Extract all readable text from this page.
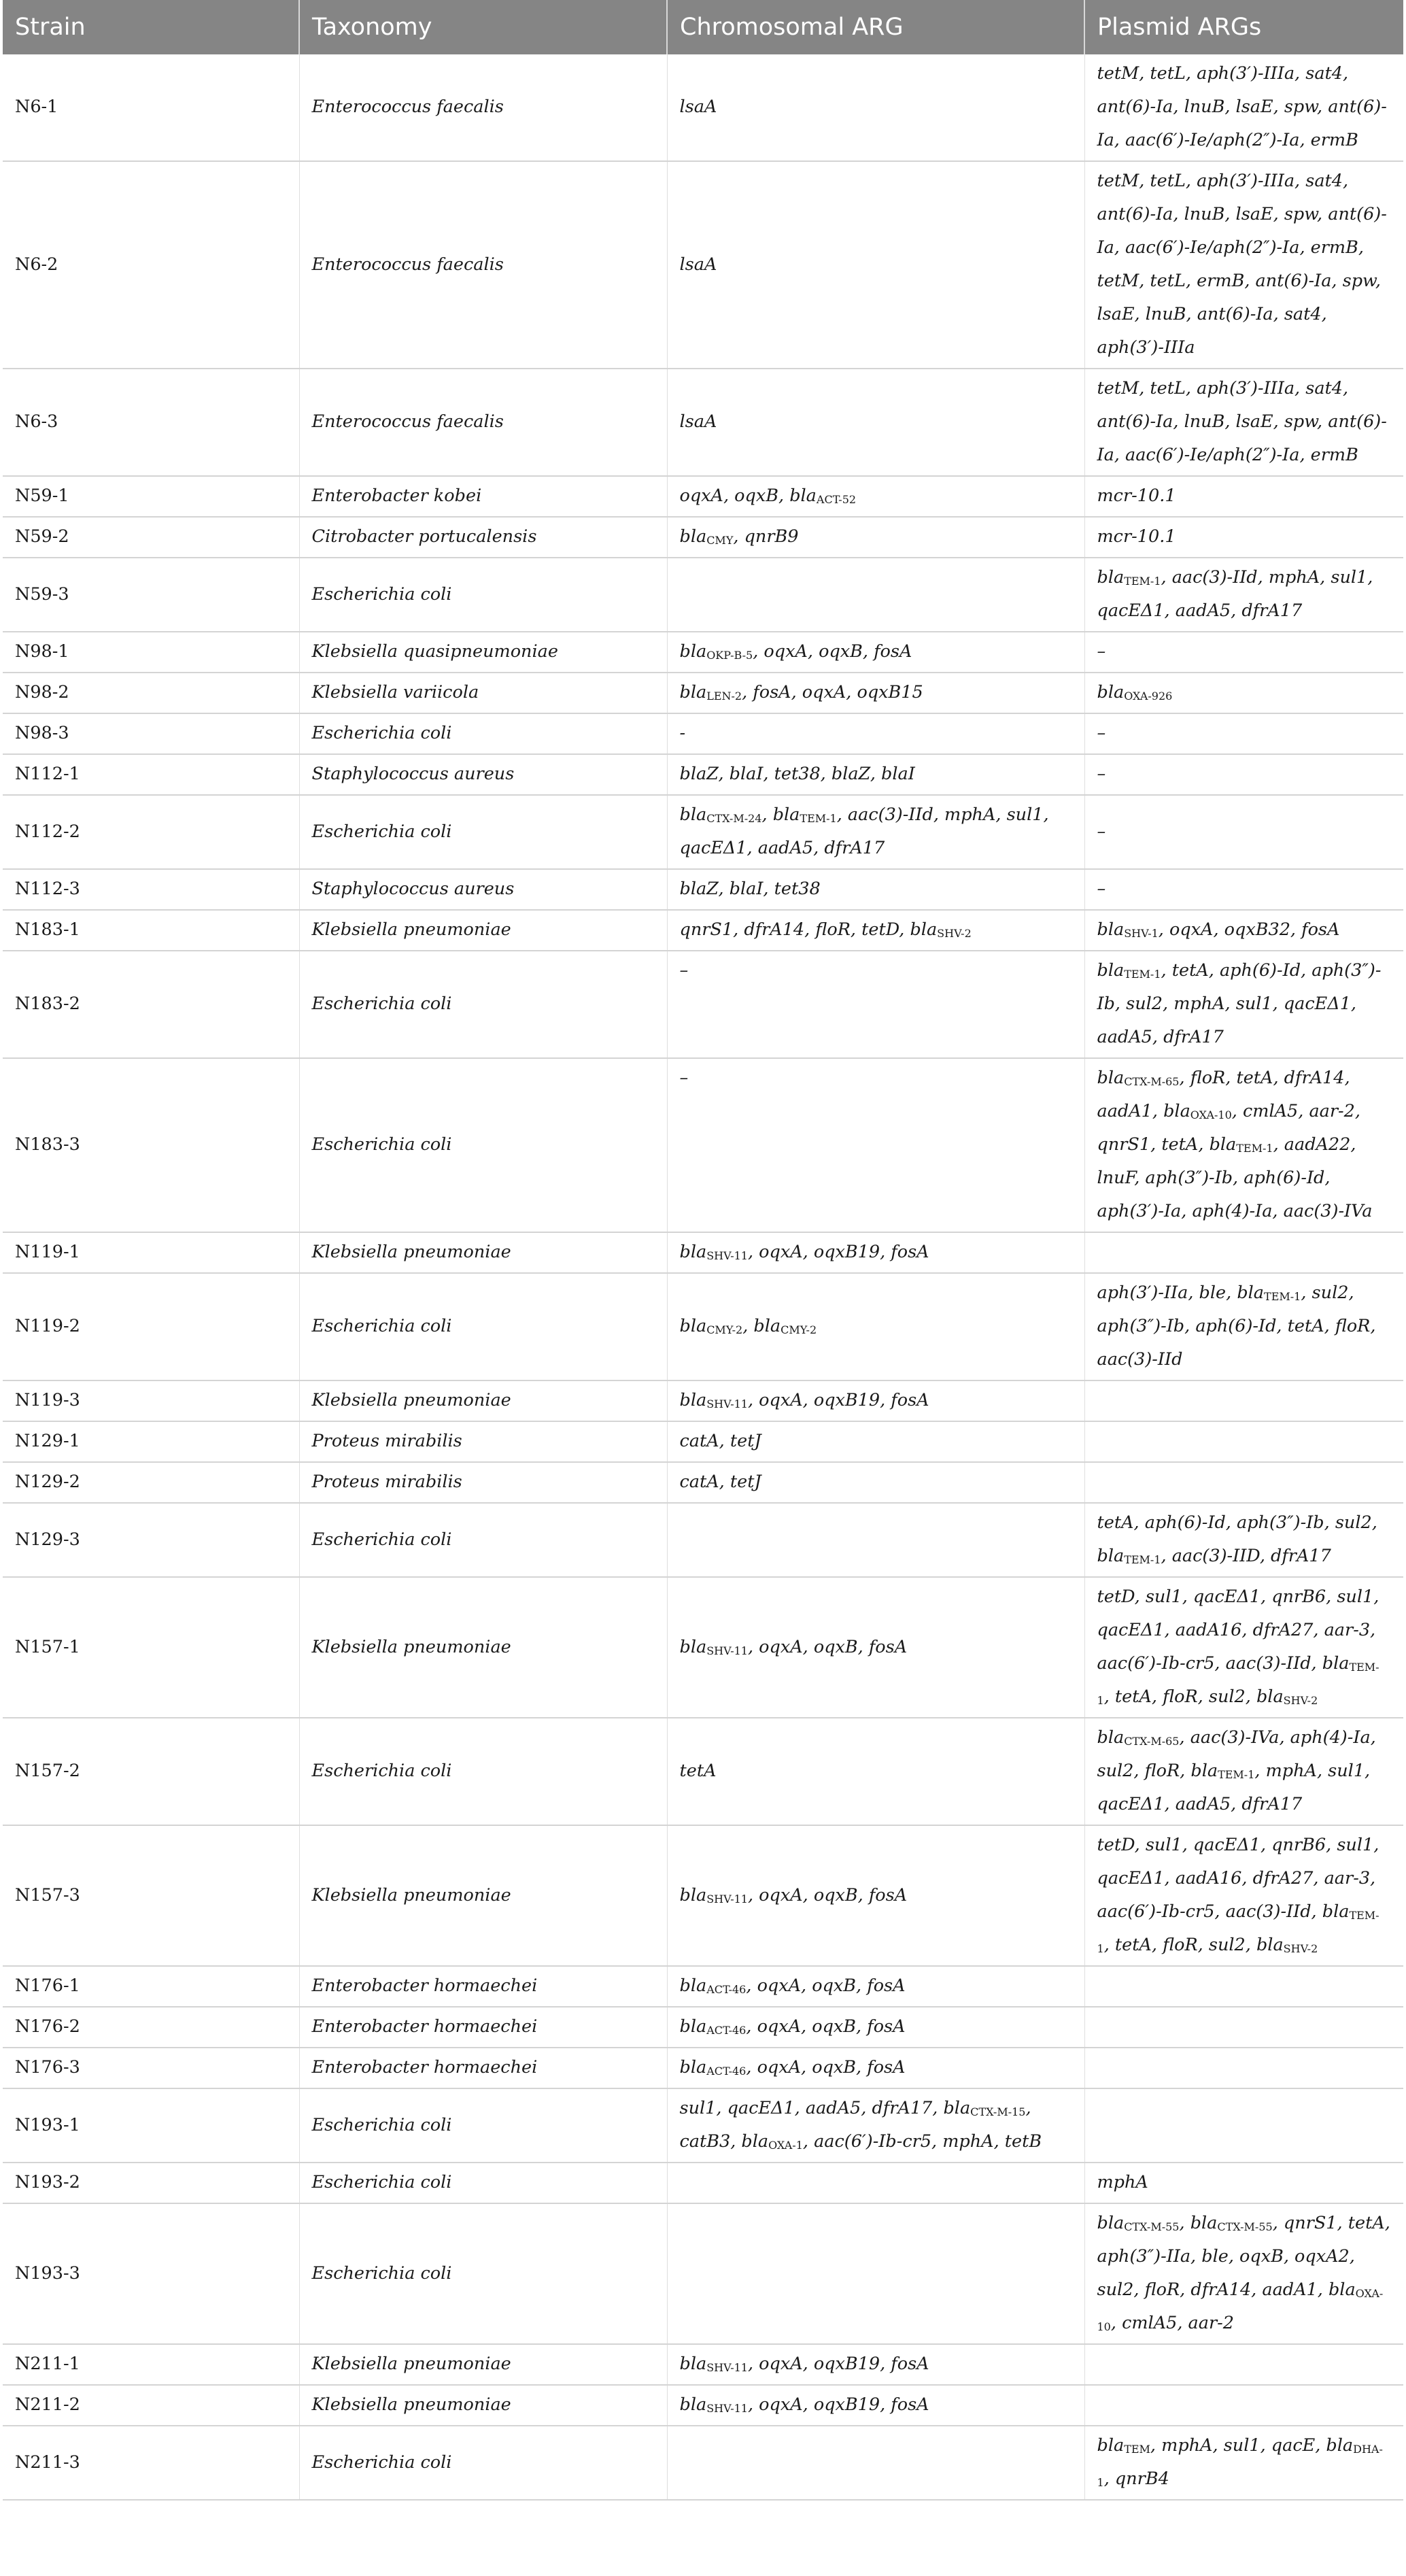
Strain	Taxonomy	Chromosomal ARG	Plasmid ARGs
N6-1	Enterococcus faecalis	lsaA	tetM, tetL, aph(3′)-IIIa, sat4, ant(6)-Ia, lnuB, lsaE, spw, ant(6)-Ia, aac(6′)-Ie/aph(2″)-Ia, ermB
N6-2	Enterococcus faecalis	lsaA	tetM, tetL, aph(3′)-IIIa, sat4, ant(6)-Ia, lnuB, lsaE, spw, ant(6)-Ia, aac(6′)-Ie/aph(2″)-Ia, ermB, tetM, tetL, ermB, ant(6)-Ia, spw, lsaE, lnuB, ant(6)-Ia, sat4, aph(3′)-IIIa
N6-3	Enterococcus faecalis	lsaA	tetM, tetL, aph(3′)-IIIa, sat4, ant(6)-Ia, lnuB, lsaE, spw, ant(6)-Ia, aac(6′)-Ie/aph(2″)-Ia, ermB
N59-1	Enterobacter kobei	oqxA, oqxB, bla$_{ACT-52}$	mcr-10.1
N59-2	Citrobacter portucalensis	bla$_{CMY}$, qnrB9	mcr-10.1
N59-3	Escherichia coli		bla$_{TEM-1}$, aac(3)-IId, mphA, sul1, qacEΔ1, aadA5, dfrA17
N98-1	Klebsiella quasipneumoniae	bla$_{OKP-B-5}$, oqxA, oqxB, fosA	–
N98-2	Klebsiella variicola	bla$_{LEN-2}$, fosA, oqxA, oqxB15	bla$_{OXA-926}$
N98-3	Escherichia coli	-	–
N112-1	Staphylococcus aureus	blaZ, blaI, tet38, blaZ, blaI	–
N112-2	Escherichia coli	bla$_{CTX-M-24}$, bla$_{TEM-1}$, aac(3)-IId, mphA, sul1, qacEΔ1, aadA5, dfrA17	–
N112-3	Staphylococcus aureus	blaZ, blaI, tet38	–
N183-1	Klebsiella pneumoniae	qnrS1, dfrA14, floR, tetD, bla$_{SHV-2}$	bla$_{SHV-1}$, oqxA, oqxB32, fosA
N183-2	Escherichia coli	–	bla$_{TEM-1}$, tetA, aph(6)-Id, aph(3″)-Ib, sul2, mphA, sul1, qacEΔ1, aadA5, dfrA17
N183-3	Escherichia coli	–	bla$_{CTX-M-65}$, floR, tetA, dfrA14, aadA1, bla$_{OXA-10}$, cmlA5, aar-2, qnrS1, tetA, bla$_{TEM-1}$, aadA22, lnuF, aph(3″)-Ib, aph(6)-Id, aph(3′)-Ia, aph(4)-Ia, aac(3)-IVa
N119-1	Klebsiella pneumoniae	bla$_{SHV-11}$, oqxA, oqxB19, fosA	
N119-2	Escherichia coli	bla$_{CMY-2}$, bla$_{CMY-2}$	aph(3′)-IIa, ble, bla$_{TEM-1}$, sul2, aph(3″)-Ib, aph(6)-Id, tetA, floR, aac(3)-IId
N119-3	Klebsiella pneumoniae	bla$_{SHV-11}$, oqxA, oqxB19, fosA	
N129-1	Proteus mirabilis	catA, tetJ	
N129-2	Proteus mirabilis	catA, tetJ	
N129-3	Escherichia coli		tetA, aph(6)-Id, aph(3″)-Ib, sul2, bla$_{TEM-1}$, aac(3)-IID, dfrA17
N157-1	Klebsiella pneumoniae	bla$_{SHV-11}$, oqxA, oqxB, fosA	tetD, sul1, qacEΔ1, qnrB6, sul1, qacEΔ1, aadA16, dfrA27, aar-3, aac(6′)-Ib-cr5, aac(3)-IId, bla$_{TEM-1}$, tetA, floR, sul2, bla$_{SHV-2}$
N157-2	Escherichia coli	tetA	bla$_{CTX-M-65}$, aac(3)-IVa, aph(4)-Ia, sul2, floR, bla$_{TEM-1}$, mphA, sul1, qacEΔ1, aadA5, dfrA17
N157-3	Klebsiella pneumoniae	bla$_{SHV-11}$, oqxA, oqxB, fosA	tetD, sul1, qacEΔ1, qnrB6, sul1, qacEΔ1, aadA16, dfrA27, aar-3, aac(6′)-Ib-cr5, aac(3)-IId, bla$_{TEM-1}$, tetA, floR, sul2, bla$_{SHV-2}$
N176-1	Enterobacter hormaechei	bla$_{ACT-46}$, oqxA, oqxB, fosA	
N176-2	Enterobacter hormaechei	bla$_{ACT-46}$, oqxA, oqxB, fosA	
N176-3	Enterobacter hormaechei	bla$_{ACT-46}$, oqxA, oqxB, fosA	
N193-1	Escherichia coli	sul1, qacEΔ1, aadA5, dfrA17, bla$_{CTX-M-15}$, catB3, bla$_{OXA-1}$, aac(6′)-Ib-cr5, mphA, tetB	
N193-2	Escherichia coli		mphA
N193-3	Escherichia coli		bla$_{CTX-M-55}$, bla$_{CTX-M-55}$, qnrS1, tetA, aph(3″)-IIa, ble, oqxB, oqxA2, sul2, floR, dfrA14, aadA1, bla$_{OXA-10}$, cmlA5, aar-2
N211-1	Klebsiella pneumoniae	bla$_{SHV-11}$, oqxA, oqxB19, fosA	
N211-2	Klebsiella pneumoniae	bla$_{SHV-11}$, oqxA, oqxB19, fosA	
N211-3	Escherichia coli		bla$_{TEM}$, mphA, sul1, qacE, bla$_{DHA-1}$, qnrB4
